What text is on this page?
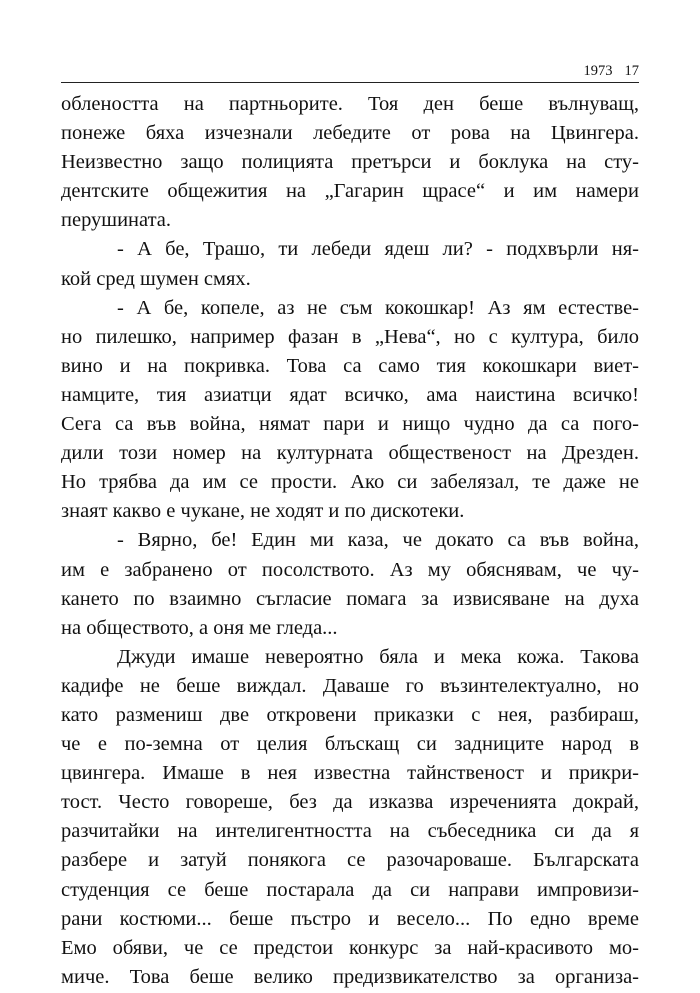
1973 17
облеността на партньорите. Тоя ден беше вълнуващ,
понеже бяха изчезнали лебедите от рова на Цвингера.
Неизвестно защо полицията претърси и боклука на сту-
дентските общежития на „Гагарин щрасе“ и им намери
перушината.
- А бе, Трашо, ти лебеди ядеш ли? - подхвърли ня-
кой сред шумен смях.
- А бе, копеле, аз не съм кокошкар! Аз ям естестве-
но пилешко, например фазан в „Нева“, но с култура, било
вино и на покривка. Това са само тия кокошкари виет-
намците, тия азиатци ядат всичко, ама наистина всичко!
Сега са във война, нямат пари и нищо чудно да са пого-
дили този номер на културната общественост на Дрезден.
Но трябва да им се прости. Ако си забелязал, те даже не
знаят какво е чукане, не ходят и по дискотеки.
- Вярно, бе! Един ми каза, че докато са във война,
им е забранено от посолството. Аз му обяснявам, че чу-
кането по взаимно съгласие помага за извисяване на духа
на обществото, а оня ме гледа...
Джуди имаше невероятно бяла и мека кожа. Такова
кадифе не беше виждал. Даваше го възинтелектуално, но
като размениш две откровени приказки с нея, разбираш,
че е по-земна от целия блъскащ си задниците народ в
цвингера. Имаше в нея известна тайнственост и прикри-
тост. Често говореше, без да изказва изреченията докрай,
разчитайки на интелигентността на събеседника си да я
разбере и затуй понякога се разочароваше. Българската
студенция се беше постарала да си направи импровизи-
рани костюми... беше пъстро и весело... По едно време
Емо обяви, че се предстои конкурс за най-красивото мо-
миче. Това беше велико предизвикателство за организа-
